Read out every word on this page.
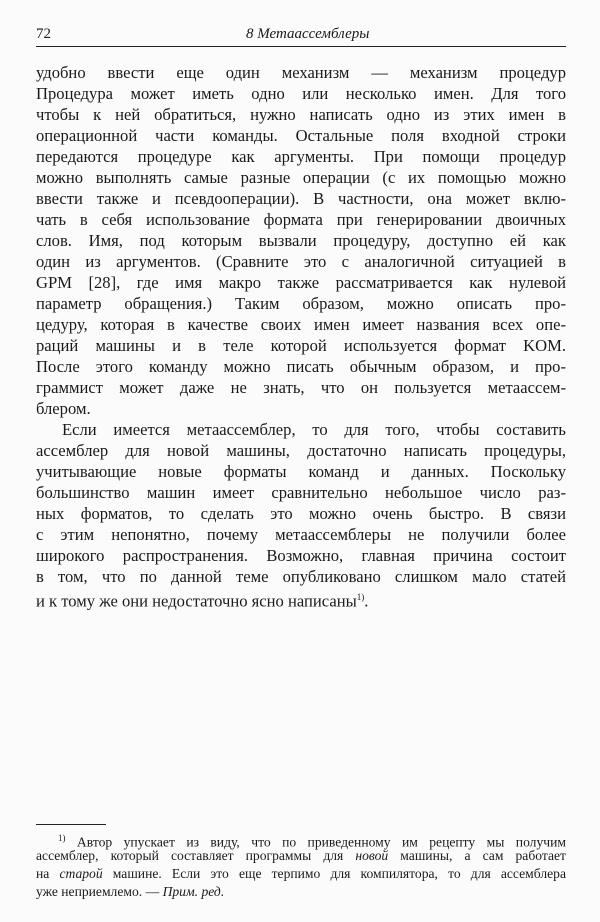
72	8 Метаассемблеры
удобно ввести еще один механизм — механизм процедур
Процедура может иметь одно или несколько имен. Для того
чтобы к ней обратиться, нужно написать одно из этих имен в
операционной части команды. Остальные поля входной строки
передаются процедуре как аргументы. При помощи процедур
можно выполнять самые разные операции (с их помощью можно
ввести также и псевдооперации). В частности, она может вклю-
чать в себя использование формата при генерировании двоичных
слов. Имя, под которым вызвали процедуру, доступно ей как
один из аргументов. (Сравните это с аналогичной ситуацией в
GPM [28], где имя макро также рассматривается как нулевой
параметр обращения.) Таким образом, можно описать про-
цедуру, которая в качестве своих имен имеет названия всех опе-
раций машины и в теле которой используется формат KOM.
После этого команду можно писать обычным образом, и про-
граммист может даже не знать, что он пользуется метаассем-
блером.
Если имеется метаассемблер, то для того, чтобы составить
ассемблер для новой машины, достаточно написать процедуры,
учитывающие новые форматы команд и данных. Поскольку
большинство машин имеет сравнительно небольшое число раз-
ных форматов, то сделать это можно очень быстро. В связи
с этим непонятно, почему метаассемблеры не получили более
широкого распространения. Возможно, главная причина состоит
в том, что по данной теме опубликовано слишком мало статей
и к тому же они недостаточно ясно написаны$^{1)}$.
$^{1)}$ Автор упускает из виду, что по приведенному им рецепту мы получим
ассемблер, который составляет программы для новой машины, а сам работает
на старой машине. Если это еще терпимо для компилятора, то для ассемблера
уже неприемлемо. — Прим. ред.
